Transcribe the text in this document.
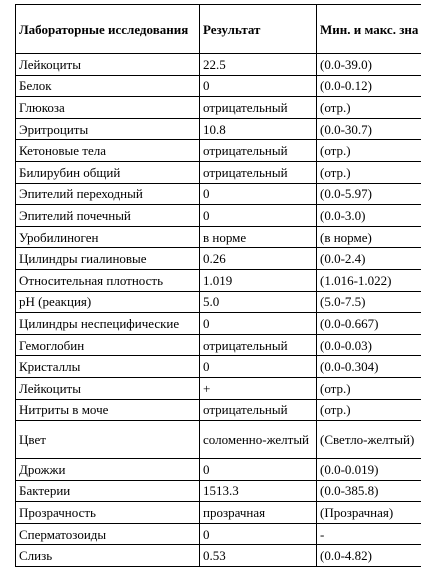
Лабораторные исследования	Результат	Мин. и макс. зна
Лейкоциты	22.5	(0.0-39.0)
Белок	0	(0.0-0.12)
Глюкоза	отрицательный	(отр.)
Эритроциты	10.8	(0.0-30.7)
Кетоновые тела	отрицательный	(отр.)
Билирубин общий	отрицательный	(отр.)
Эпителий переходный	0	(0.0-5.97)
Эпителий почечный	0	(0.0-3.0)
Уробилиноген	в норме	(в норме)
Цилиндры гиалиновые	0.26	(0.0-2.4)
Относительная плотность	1.019	(1.016-1.022)
pH (реакция)	5.0	(5.0-7.5)
Цилиндры неспецифические	0	(0.0-0.667)
Гемоглобин	отрицательный	(0.0-0.03)
Кристаллы	0	(0.0-0.304)
Лейкоциты	+	(отр.)
Нитриты в моче	отрицательный	(отр.)
Цвет	соломенно-желтый	(Светло-желтый)
Дрожжи	0	(0.0-0.019)
Бактерии	1513.3	(0.0-385.8)
Прозрачность	прозрачная	(Прозрачная)
Сперматозоиды	0	-
Слизь	0.53	(0.0-4.82)
